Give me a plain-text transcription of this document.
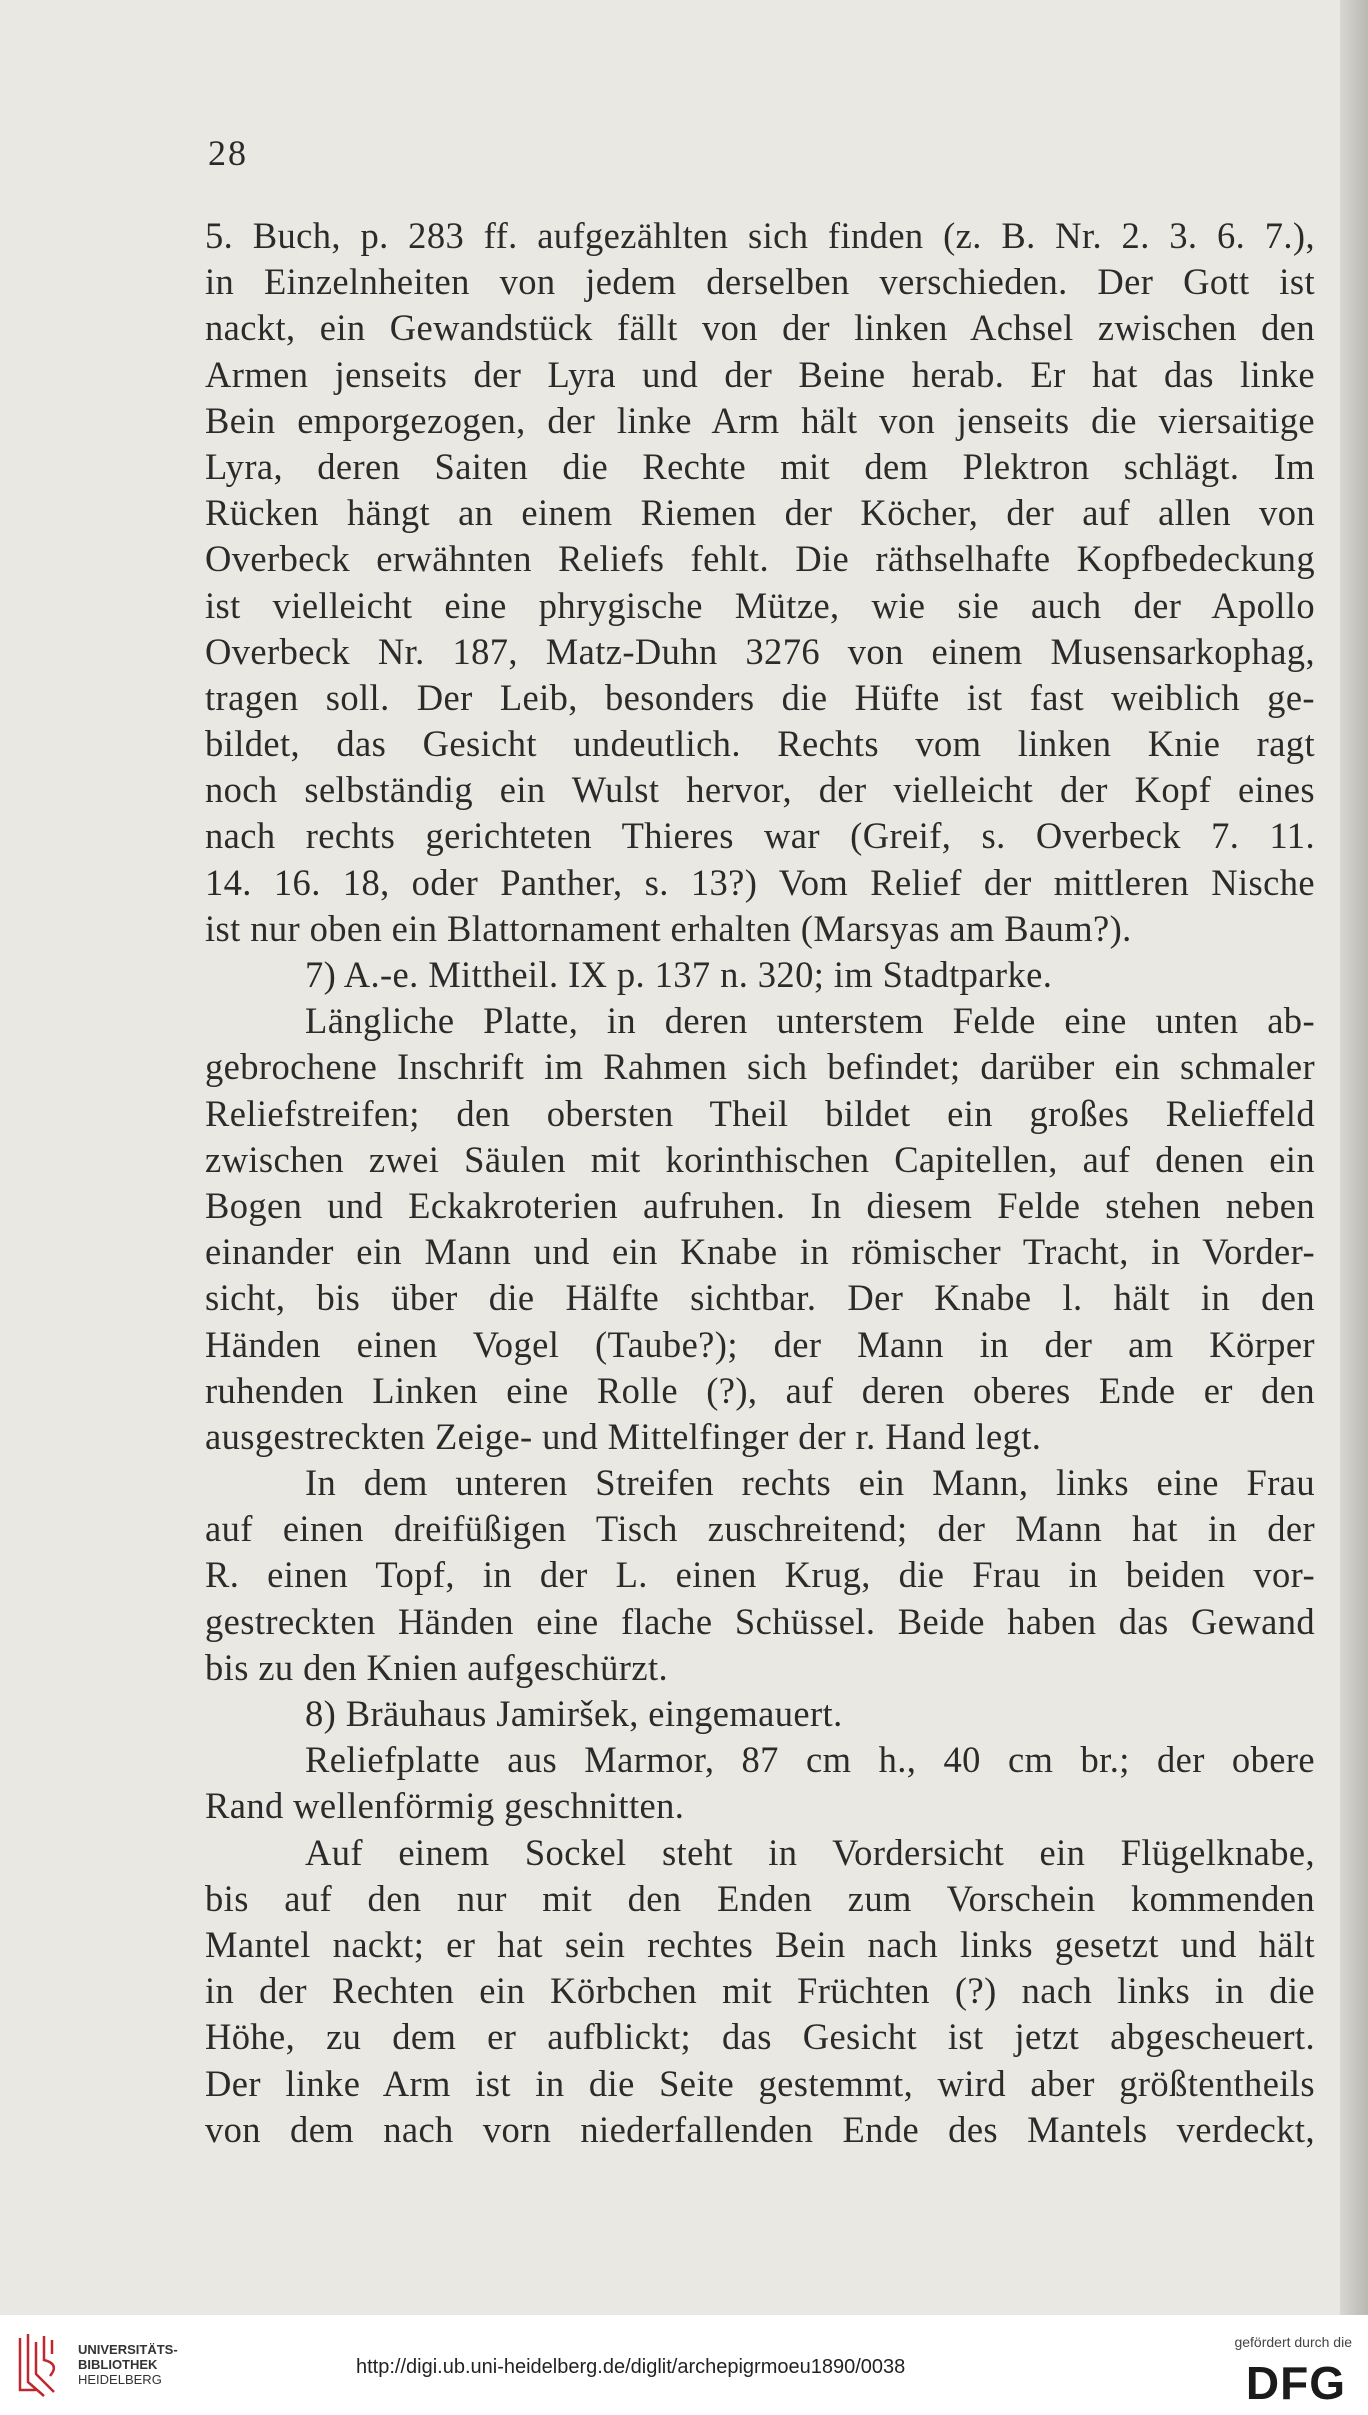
28
5. Buch, p. 283 ff. aufgezählten sich finden (z. B. Nr. 2. 3. 6. 7.),
in Einzelnheiten von jedem derselben verschieden. Der Gott ist
nackt, ein Gewandstück fällt von der linken Achsel zwischen den
Armen jenseits der Lyra und der Beine herab. Er hat das linke
Bein emporgezogen, der linke Arm hält von jenseits die viersaitige
Lyra, deren Saiten die Rechte mit dem Plektron schlägt. Im
Rücken hängt an einem Riemen der Köcher, der auf allen von
Overbeck erwähnten Reliefs fehlt. Die räthselhafte Kopfbedeckung
ist vielleicht eine phrygische Mütze, wie sie auch der Apollo
Overbeck Nr. 187, Matz-Duhn 3276 von einem Musensarkophag,
tragen soll. Der Leib, besonders die Hüfte ist fast weiblich ge-
bildet, das Gesicht undeutlich. Rechts vom linken Knie ragt
noch selbständig ein Wulst hervor, der vielleicht der Kopf eines
nach rechts gerichteten Thieres war (Greif, s. Overbeck 7. 11.
14. 16. 18, oder Panther, s. 13?) Vom Relief der mittleren Nische
ist nur oben ein Blattornament erhalten (Marsyas am Baum?).
7) A.-e. Mittheil. IX p. 137 n. 320; im Stadtparke.
Längliche Platte, in deren unterstem Felde eine unten ab-
gebrochene Inschrift im Rahmen sich befindet; darüber ein schmaler
Reliefstreifen; den obersten Theil bildet ein großes Relieffeld
zwischen zwei Säulen mit korinthischen Capitellen, auf denen ein
Bogen und Eckakroterien aufruhen. In diesem Felde stehen neben
einander ein Mann und ein Knabe in römischer Tracht, in Vorder-
sicht, bis über die Hälfte sichtbar. Der Knabe l. hält in den
Händen einen Vogel (Taube?); der Mann in der am Körper
ruhenden Linken eine Rolle (?), auf deren oberes Ende er den
ausgestreckten Zeige- und Mittelfinger der r. Hand legt.
In dem unteren Streifen rechts ein Mann, links eine Frau
auf einen dreifüßigen Tisch zuschreitend; der Mann hat in der
R. einen Topf, in der L. einen Krug, die Frau in beiden vor-
gestreckten Händen eine flache Schüssel. Beide haben das Gewand
bis zu den Knien aufgeschürzt.
8) Bräuhaus Jamiršek, eingemauert.
Reliefplatte aus Marmor, 87 cm h., 40 cm br.; der obere
Rand wellenförmig geschnitten.
Auf einem Sockel steht in Vordersicht ein Flügelknabe,
bis auf den nur mit den Enden zum Vorschein kommenden
Mantel nackt; er hat sein rechtes Bein nach links gesetzt und hält
in der Rechten ein Körbchen mit Früchten (?) nach links in die
Höhe, zu dem er aufblickt; das Gesicht ist jetzt abgescheuert.
Der linke Arm ist in die Seite gestemmt, wird aber größtentheils
von dem nach vorn niederfallenden Ende des Mantels verdeckt,
UNIVERSITÄTS-
BIBLIOTHEK
HEIDELBERG
http://digi.ub.uni-heidelberg.de/diglit/archepigrmoeu1890/0038
gefördert durch die
DFG
